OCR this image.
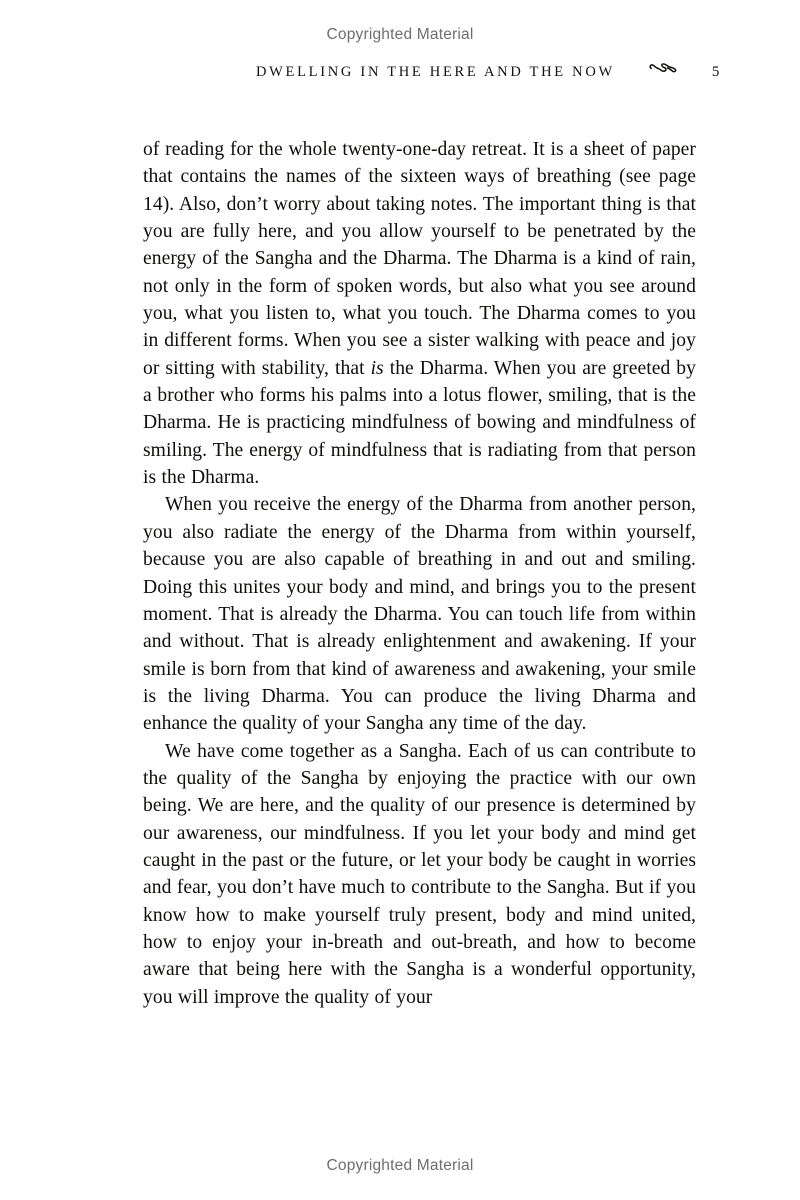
Copyrighted Material
DWELLING IN THE HERE AND THE NOW	5

of reading for the whole twenty-one-day retreat. It is a sheet of paper that contains the names of the sixteen ways of breathing (see page 14). Also, don’t worry about taking notes. The important thing is that you are fully here, and you allow yourself to be penetrated by the energy of the Sangha and the Dharma. The Dharma is a kind of rain, not only in the form of spoken words, but also what you see around you, what you listen to, what you touch. The Dharma comes to you in different forms. When you see a sister walking with peace and joy or sitting with stability, that is the Dharma. When you are greeted by a brother who forms his palms into a lotus flower, smiling, that is the Dharma. He is practicing mindfulness of bowing and mindfulness of smiling. The energy of mindfulness that is radiating from that person is the Dharma.

When you receive the energy of the Dharma from another person, you also radiate the energy of the Dharma from within yourself, because you are also capable of breathing in and out and smiling. Doing this unites your body and mind, and brings you to the present moment. That is already the Dharma. You can touch life from within and without. That is already enlightenment and awakening. If your smile is born from that kind of awareness and awakening, your smile is the living Dharma. You can produce the living Dharma and enhance the quality of your Sangha any time of the day.

We have come together as a Sangha. Each of us can contribute to the quality of the Sangha by enjoying the practice with our own being. We are here, and the quality of our presence is determined by our awareness, our mindfulness. If you let your body and mind get caught in the past or the future, or let your body be caught in worries and fear, you don’t have much to contribute to the Sangha. But if you know how to make yourself truly present, body and mind united, how to enjoy your in-breath and out-breath, and how to become aware that being here with the Sangha is a wonderful opportunity, you will improve the quality of your

Copyrighted Material
